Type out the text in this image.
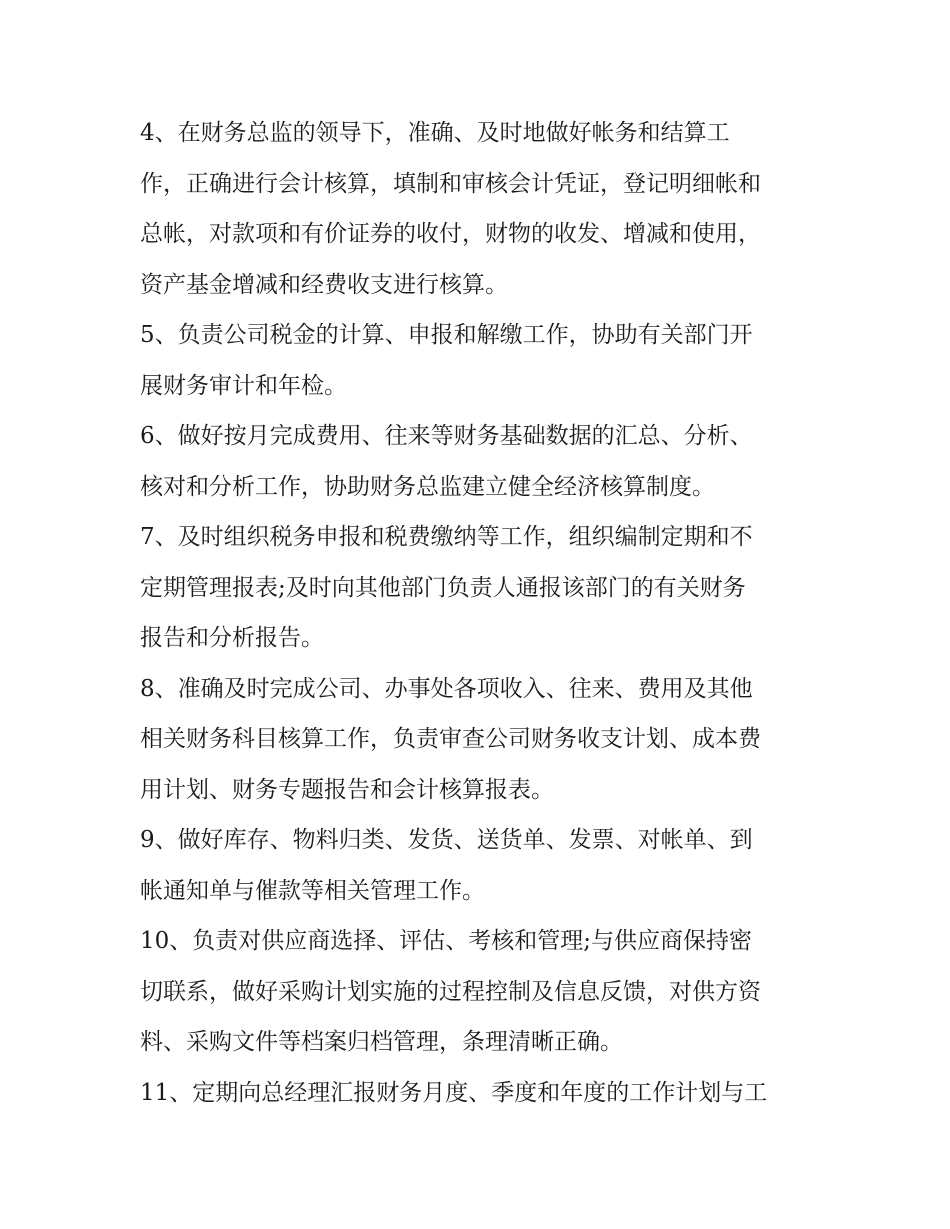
4、在财务总监的领导下，准确、及时地做好帐务和结算工
作，正确进行会计核算，填制和审核会计凭证，登记明细帐和
总帐，对款项和有价证券的收付，财物的收发、增减和使用，
资产基金增减和经费收支进行核算。
5、负责公司税金的计算、申报和解缴工作，协助有关部门开
展财务审计和年检。
6、做好按月完成费用、往来等财务基础数据的汇总、分析、
核对和分析工作，协助财务总监建立健全经济核算制度。
7、及时组织税务申报和税费缴纳等工作，组织编制定期和不
定期管理报表;及时向其他部门负责人通报该部门的有关财务
报告和分析报告。
8、准确及时完成公司、办事处各项收入、往来、费用及其他
相关财务科目核算工作，负责审查公司财务收支计划、成本费
用计划、财务专题报告和会计核算报表。
9、做好库存、物料归类、发货、送货单、发票、对帐单、到
帐通知单与催款等相关管理工作。
10、负责对供应商选择、评估、考核和管理;与供应商保持密
切联系，做好采购计划实施的过程控制及信息反馈，对供方资
料、采购文件等档案归档管理，条理清晰正确。
11、定期向总经理汇报财务月度、季度和年度的工作计划与工
